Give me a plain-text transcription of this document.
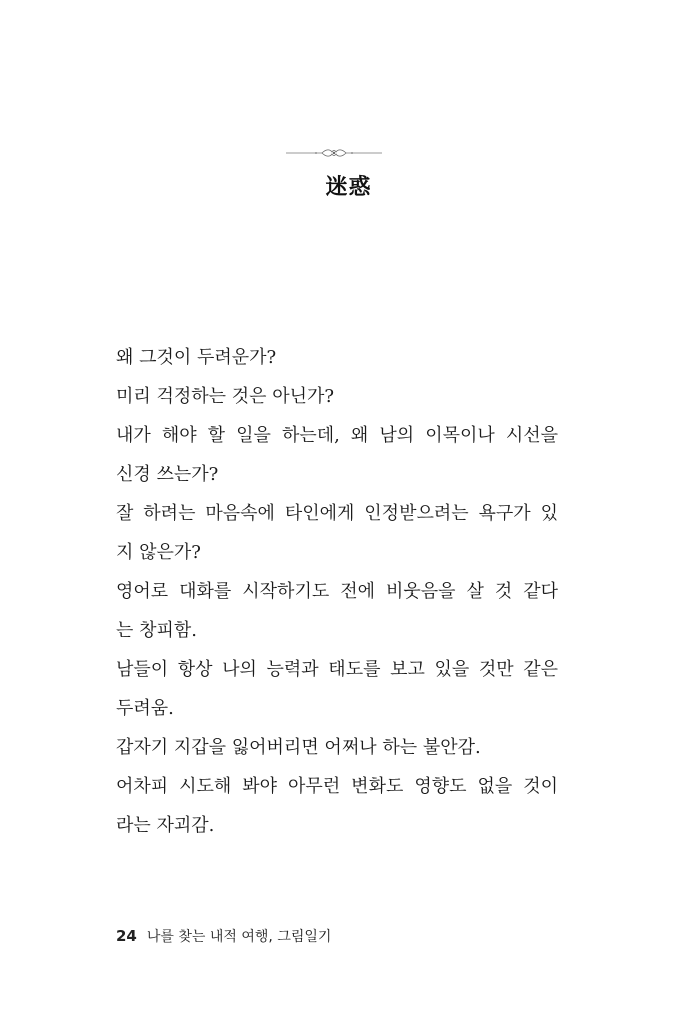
迷惑
왜 그것이 두려운가?
미리 걱정하는 것은 아닌가?
내가 해야 할 일을 하는데, 왜 남의 이목이나 시선을
신경 쓰는가?
잘 하려는 마음속에 타인에게 인정받으려는 욕구가 있
지 않은가?
영어로 대화를 시작하기도 전에 비웃음을 살 것 같다
는 창피함.
남들이 항상 나의 능력과 태도를 보고 있을 것만 같은
두려움.
갑자기 지갑을 잃어버리면 어쩌나 하는 불안감.
어차피 시도해 봐야 아무런 변화도 영향도 없을 것이
라는 자괴감.
24 나를 찾는 내적 여행, 그림일기
